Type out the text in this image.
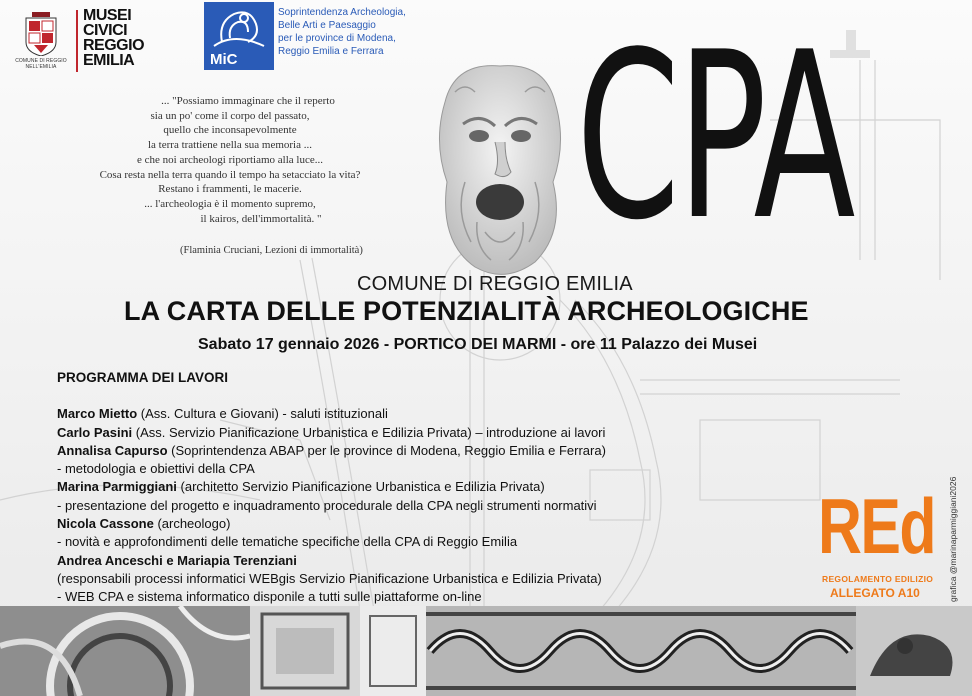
COMUNE DI REGGIO NELL'EMILIA
MUSEI
CIVICI
REGGIO
EMILIA	MiC
Soprintendenza Archeologia,
Belle Arti e Paesaggio
per le province di Modena,
Reggio Emilia e Ferrara
... "Possiamo immaginare che il reperto
sia un po' come il corpo del passato,
quello che inconsapevolmente
la terra trattiene nella sua memoria ...
e che noi archeologi riportiamo alla luce...
Cosa resta nella terra quando il tempo ha setacciato la vita?
Restano i frammenti, le macerie.
... l'archeologia è il momento supremo,
il kairos, dell'immortalità. "
(Flaminia Cruciani, Lezioni di immortalità) CPA
COMUNE DI REGGIO EMILIA
LA CARTA DELLE POTENZIALITÀ ARCHEOLOGICHE
Sabato 17 gennaio 2026 - PORTICO DEI MARMI - ore 11 Palazzo dei Musei
PROGRAMMA DEI LAVORI
Marco Mietto (Ass. Cultura e Giovani) - saluti istituzionali
Carlo Pasini (Ass. Servizio Pianificazione Urbanistica e Edilizia Privata) – introduzione ai lavori
Annalisa Capurso (Soprintendenza ABAP per le province di Modena, Reggio Emilia e Ferrara)
- metodologia e obiettivi della CPA
Marina Parmiggiani (architetto Servizio Pianificazione Urbanistica e Edilizia Privata)
- presentazione del progetto e inquadramento procedurale della CPA negli strumenti normativi
Nicola Cassone (archeologo)
- novità e approfondimenti delle tematiche specifiche della CPA di Reggio Emilia
Andrea Anceschi e Mariapia Terenziani
(responsabili processi informatici WEBgis Servizio Pianificazione Urbanistica e Edilizia Privata)
- WEB CPA e sistema informatico disponile a tutti sulle piattaforme on-line
REd
REGOLAMENTO EDILIZIO
ALLEGATO A10	grafica @marinaparmiggiani2026
